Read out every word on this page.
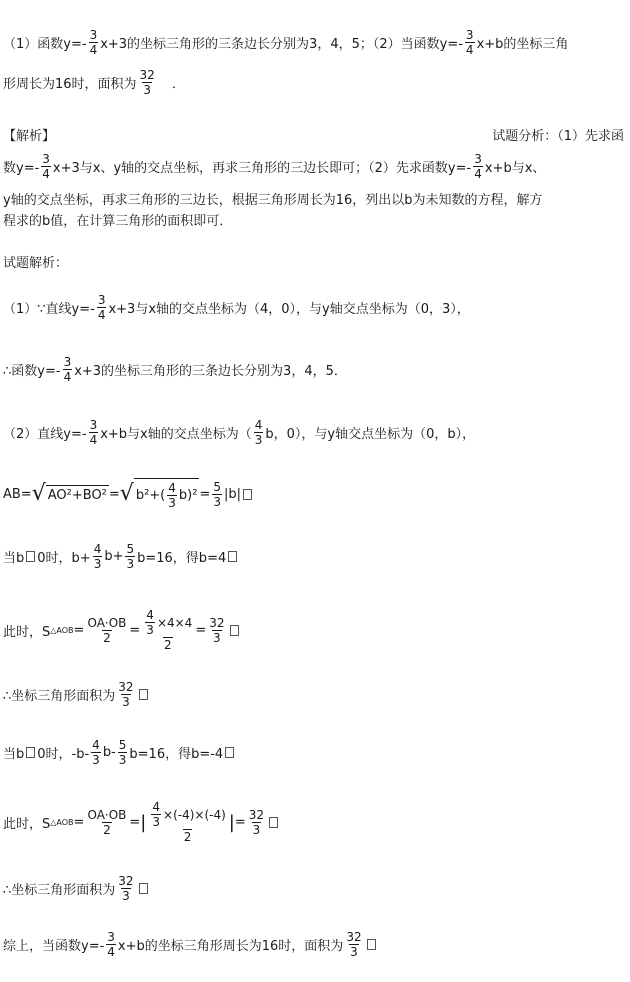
（1）函数$y=- \frac{3}{4} x+3$的坐标三角形的三条边长分别为3，4，5；（2）当函数$y=- \frac{3}{4} x+b$的坐标三角
形周长为16时，面积为 $\frac{32}{3}$ ．
【解析】	试题分析：（1）先求函
数$y=- \frac{3}{4} x+3$与x、y轴的交点坐标，再求三角形的三边长即可；（2）先求函数$y=- \frac{3}{4} x+b$与x、
y轴的交点坐标，再求三角形的三边长，根据三角形周长为16，列出以b为未知数的方程，解方
程求的b值，在计算三角形的面积即可．
试题解析：
（1）∵直线$y=- \frac{3}{4} x+3$与x轴的交点坐标为（4，0），与y轴交点坐标为（0，3），
∴函数$y=- \frac{3}{4} x+3$的坐标三角形的三条边长分别为3，4，5．
（2）直线$y=- \frac{3}{4} x+b$与x轴的交点坐标为（ $\frac{4}{3}$ b，0），与y轴交点坐标为（0，b），
AB= √ AO²+BO² = √ $b^2+( \frac{4}{3} b)^2 = \frac{5}{3} |b|$
当b 0时，$b+ \frac{4}{3} b+ \frac{5}{3} b=16$，得b=4
此时，S △AOB = $\frac{OA\cdot OB}{2} = \frac{\frac{4}{3} \times 4\times 4}{2} = \frac{32}{3}$
∴坐标三角形面积为 $\frac{32}{3}$
当b 0时，$-b- \frac{4}{3} b- \frac{5}{3} b=16$，得b=-4
此时，S △AOB = $\frac{OA\cdot OB}{2}$ = | $\frac{\frac{4}{3} \times(-4)\times(-4)}{2}$ | = $\frac{32}{3}$
∴坐标三角形面积为 $\frac{32}{3}$
综上，当函数$y=- \frac{3}{4} x+b$的坐标三角形周长为16时，面积为 $\frac{32}{3}$
